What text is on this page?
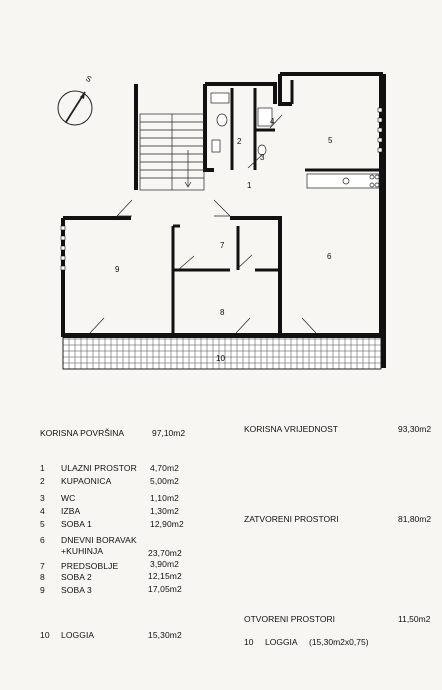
S
1
2
3
4
5
6
7
8
9
10
KORISNA POVRŠINA	97,10m2	KORISNA VRIJEDNOST	93,30m2
1 ULAZNI PROSTOR 4,70m2
2 KUPAONICA	5,00m2
3 WC	1,10m2
4 IZBA	1,30m2
5 SOBA 1	12,90m2
6 DNEVNI BORAVAK
+KUHINJA	23,70m2
7 PREDSOBLJE	3,90m2
8 SOBA 2	12,15m2
9 SOBA 3	17,05m2
10 LOGGIA	15,30m2
ZATVORENI PROSTORI	81,80m2
OTVORENI PROSTORI	11,50m2
10 LOGGIA (15,30m2x0,75)
